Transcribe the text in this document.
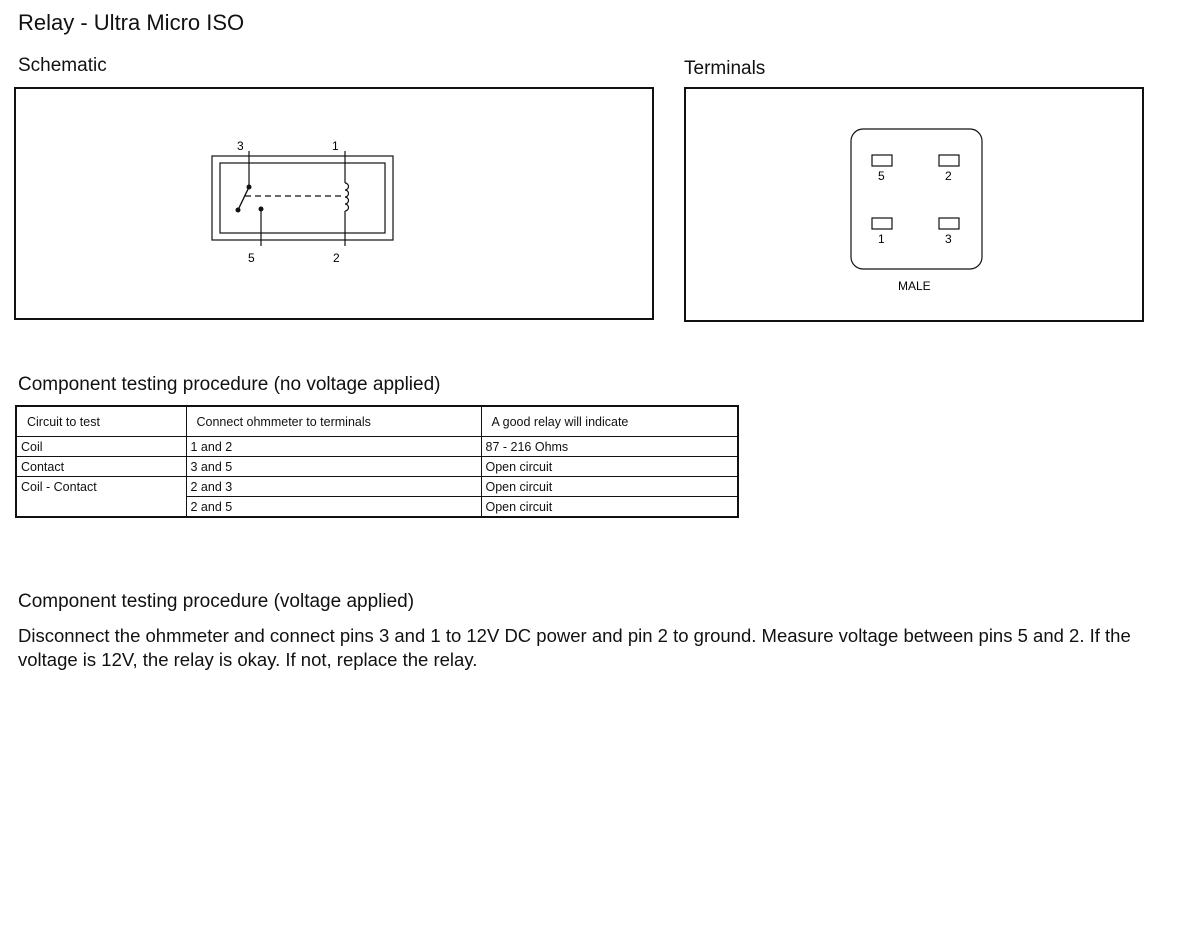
Relay - Ultra Micro ISO
Schematic
3	1
5	2
Terminals
5	2
1	3
MALE
Component testing procedure (no voltage applied)
Circuit to test	Connect ohmmeter to terminals	A good relay will indicate
Coil	1 and 2	87 - 216 Ohms
Contact	3 and 5	Open circuit
Coil - Contact	2 and 3	Open circuit
	2 and 5	Open circuit
Component testing procedure (voltage applied)
Disconnect the ohmmeter and connect pins 3 and 1 to 12V DC power and pin 2 to ground. Measure voltage between pins 5 and 2. If the voltage is 12V, the relay is okay. If not, replace the relay.
